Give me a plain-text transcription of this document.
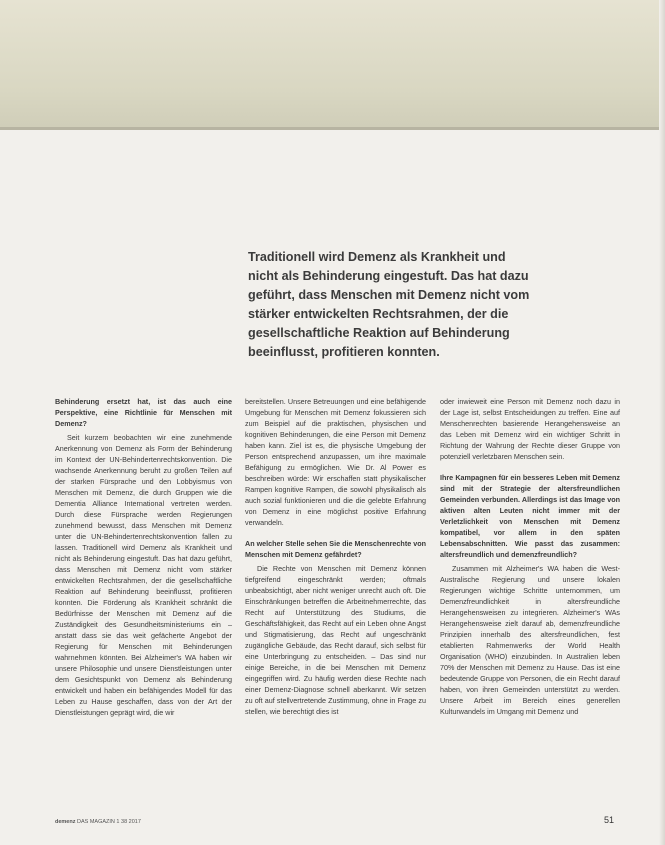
Traditionell wird Demenz als Krankheit und nicht als Behinderung eingestuft. Das hat dazu geführt, dass Menschen mit Demenz nicht vom stärker entwickelten Rechtsrahmen, der die gesellschaftliche Reaktion auf Behinderung beeinflusst, profitieren konnten.

Behinderung ersetzt hat, ist das auch eine Perspektive, eine Richtlinie für Menschen mit Demenz?

Seit kurzem beobachten wir eine zunehmende Anerkennung von Demenz als Form der Behinderung im Kontext der UN-Behindertenrechtskonvention. Die wachsende Anerkennung beruht zu großen Teilen auf der starken Fürsprache und den Lobbyismus von Menschen mit Demenz, die durch Gruppen wie die Dementia Alliance International vertreten werden. Durch diese Fürsprache werden Regierungen zunehmend bewusst, dass Menschen mit Demenz unter die UN-Behindertenrechtskonvention fallen zu lassen. Traditionell wird Demenz als Krankheit und nicht als Behinderung eingestuft. Das hat dazu geführt, dass Menschen mit Demenz nicht vom stärker entwickelten Rechtsrahmen, der die gesellschaftliche Reaktion auf Behinderung beeinflusst, profitieren konnten. Die Förderung als Krankheit schränkt die Bedürfnisse der Menschen mit Demenz auf die Zuständigkeit des Gesundheitsministeriums ein – anstatt dass sie das weit gefächerte Angebot der Regierung für Menschen mit Behinderungen wahrnehmen könnten. Bei Alzheimer's WA haben wir unsere Philosophie und unsere Dienstleistungen unter dem Gesichtspunkt von Demenz als Behinderung entwickelt und haben ein befähigendes Modell für das Leben zu Hause geschaffen, dass von der Art der Dienstleistungen geprägt wird, die wir

bereitstellen. Unsere Betreuungen und eine befähigende Umgebung für Menschen mit Demenz fokussieren sich zum Beispiel auf die praktischen, physischen und kognitiven Behinderungen, die eine Person mit Demenz haben kann. Ziel ist es, die physische Umgebung der Person entsprechend anzupassen, um ihre maximale Befähigung zu ermöglichen. Wie Dr. Al Power es beschreiben würde: Wir erschaffen statt physikalischer Rampen kognitive Rampen, die sowohl physikalisch als auch sozial funktionieren und die die gelebte Erfahrung von Demenz in eine möglichst positive Erfahrung verwandeln.

An welcher Stelle sehen Sie die Menschenrechte von Menschen mit Demenz gefährdet?

Die Rechte von Menschen mit Demenz können tiefgreifend eingeschränkt werden; oftmals unbeabsichtigt, aber nicht weniger unrecht auch oft. Die Einschränkungen betreffen die Arbeitnehmerrechte, das Recht auf Unterstützung des Studiums, die Geschäftsfähigkeit, das Recht auf ein Leben ohne Angst und Stigmatisierung, das Recht auf ungeschränkt zugängliche Gebäude, das Recht darauf, sich selbst für eine Unterbringung zu entscheiden. – Das sind nur einige Bereiche, in die bei Menschen mit Demenz eingegriffen wird. Zu häufig werden diese Rechte nach einer Demenz-Diagnose schnell aberkannt. Wir setzen zu oft auf stellvertretende Zustimmung, ohne in Frage zu stellen, wie berechtigt dies ist

oder inwieweit eine Person mit Demenz noch dazu in der Lage ist, selbst Entscheidungen zu treffen. Eine auf Menschenrechten basierende Herangehensweise an das Leben mit Demenz wird ein wichtiger Schritt in Richtung der Wahrung der Rechte dieser Gruppe von potenziell verletzbaren Menschen sein.

Ihre Kampagnen für ein besseres Leben mit Demenz sind mit der Strategie der altersfreundlichen Gemeinden verbunden. Allerdings ist das Image von aktiven alten Leuten nicht immer mit der Verletzlichkeit von Menschen mit Demenz kompatibel, vor allem in den späten Lebensabschnitten. Wie passt das zusammen: altersfreundlich und demenzfreundlich?

Zusammen mit Alzheimer's WA haben die West-Australische Regierung und unsere lokalen Regierungen wichtige Schritte unternommen, um Demenzfreundlichkeit in altersfreundliche Herangehensweisen zu integrieren. Alzheimer's WAs Herangehensweise zielt darauf ab, demenzfreundliche Prinzipien innerhalb des altersfreundlichen, fest etablierten Rahmenwerks der World Health Organisation (WHO) einzubinden. In Australien leben 70% der Menschen mit Demenz zu Hause. Das ist eine bedeutende Gruppe von Personen, die ein Recht darauf haben, von ihren Gemeinden unterstützt zu werden. Unsere Arbeit im Bereich eines generellen Kulturwandels im Umgang mit Demenz und

demenz DAS MAGAZIN 1 38 2017	51
